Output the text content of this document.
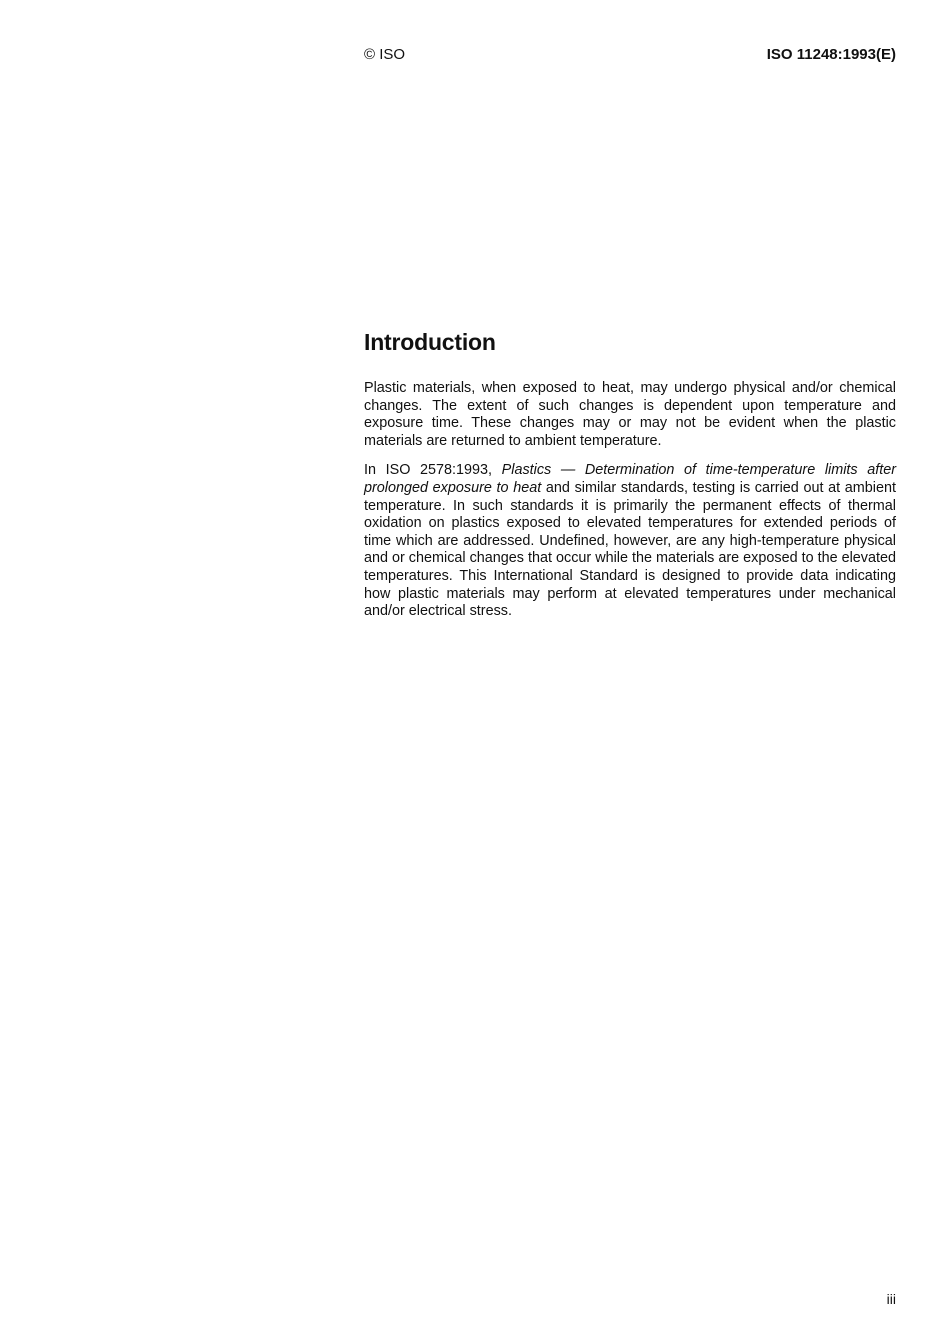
© ISO	ISO 11248:1993(E)
Introduction

Plastic materials, when exposed to heat, may undergo physical and/or chemical changes. The extent of such changes is dependent upon temperature and exposure time. These changes may or may not be evident when the plastic materials are returned to ambient temperature.

In ISO 2578:1993, Plastics — Determination of time-temperature limits after prolonged exposure to heat and similar standards, testing is carried out at ambient temperature. In such standards it is primarily the permanent effects of thermal oxidation on plastics exposed to elevated temperatures for extended periods of time which are addressed. Undefined, however, are any high-temperature physical and or chemical changes that occur while the materials are exposed to the elevated temperatures. This International Standard is designed to provide data indicating how plastic materials may perform at elevated temperatures under mechanical and/or electrical stress.

iii
